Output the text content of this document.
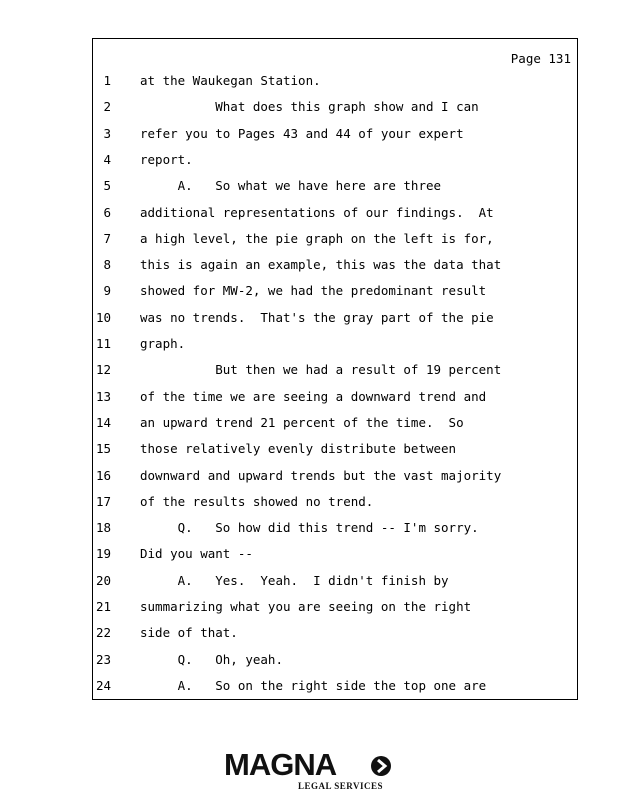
Page 131
1 at the Waukegan Station.
2 What does this graph show and I can
3 refer you to Pages 43 and 44 of your expert
4 report.
5 A.   So what we have here are three
6 additional representations of our findings.  At
7 a high level, the pie graph on the left is for,
8 this is again an example, this was the data that
9 showed for MW-2, we had the predominant result
10 was no trends.  That's the gray part of the pie
11 graph.
12 But then we had a result of 19 percent
13 of the time we are seeing a downward trend and
14 an upward trend 21 percent of the time.  So
15 those relatively evenly distribute between
16 downward and upward trends but the vast majority
17 of the results showed no trend.
18 Q.   So how did this trend -- I'm sorry.
19 Did you want --
20 A.   Yes.  Yeah.  I didn't finish by
21 summarizing what you are seeing on the right
22 side of that.
23 Q.   Oh, yeah.
24 A.   So on the right side the top one are
MAGNA
LEGAL SERVICES
